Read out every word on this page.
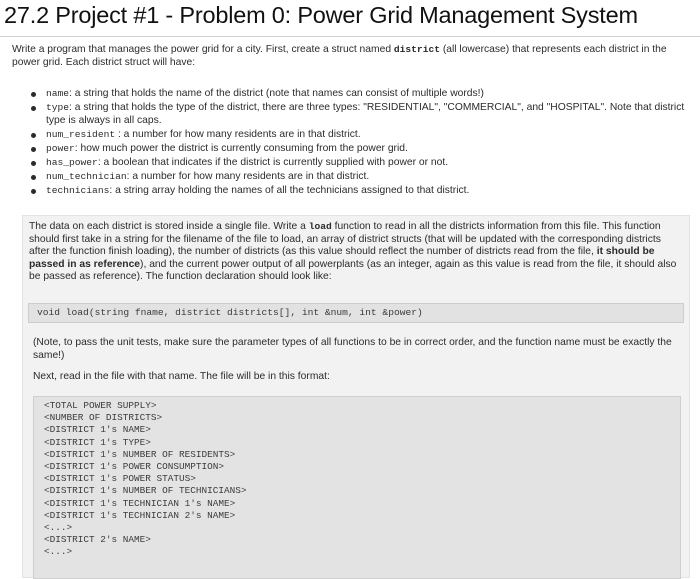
27.2 Project #1 - Problem 0: Power Grid Management System

Write a program that manages the power grid for a city. First, create a struct named district (all lowercase) that represents each district in the power grid. Each district struct will have:

name: a string that holds the name of the district (note that names can consist of multiple words!)
type: a string that holds the type of the district, there are three types: "RESIDENTIAL", "COMMERCIAL", and "HOSPITAL". Note that district type is always in all caps.
num_resident : a number for how many residents are in that district.
power: how much power the district is currently consuming from the power grid.
has_power: a boolean that indicates if the district is currently supplied with power or not.
num_technician: a number for how many residents are in that district.
technicians: a string array holding the names of all the technicians assigned to that district.

The data on each district is stored inside a single file. Write a load function to read in all the districts information from this file. This function should first take in a string for the filename of the file to load, an array of district structs (that will be updated with the corresponding districts after the function finish loading), the number of districts (as this value should reflect the number of districts read from the file, it should be passed in as reference), and the current power output of all powerplants (as an integer, again as this value is read from the file, it should also be passed as reference). The function declaration should look like:

void load(string fname, district districts[], int &num, int &power)

(Note, to pass the unit tests, make sure the parameter types of all functions to be in correct order, and the function name must be exactly the same!)

Next, read in the file with that name. The file will be in this format:

<TOTAL POWER SUPPLY>
<NUMBER OF DISTRICTS>
<DISTRICT 1's NAME>
<DISTRICT 1's TYPE>
<DISTRICT 1's NUMBER OF RESIDENTS>
<DISTRICT 1's POWER CONSUMPTION>
<DISTRICT 1's POWER STATUS>
<DISTRICT 1's NUMBER OF TECHNICIANS>
<DISTRICT 1's TECHNICIAN 1's NAME>
<DISTRICT 1's TECHNICIAN 2's NAME>
<...>
<DISTRICT 2's NAME>
<...>
